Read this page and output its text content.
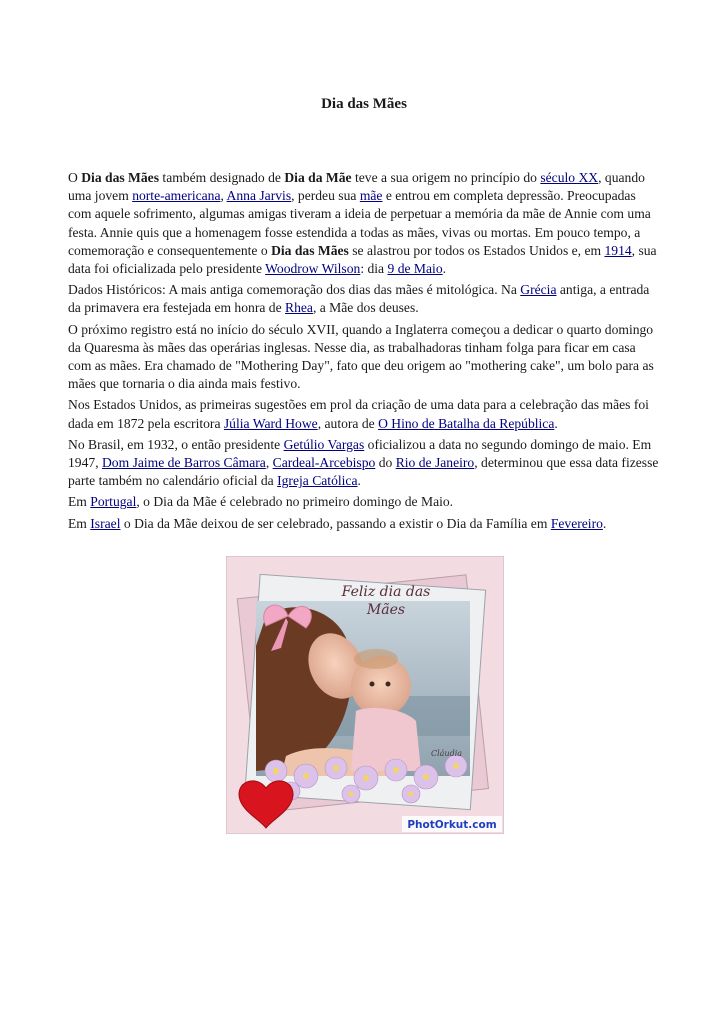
Dia das Mães

O Dia das Mães também designado de Dia da Mãe teve a sua origem no princípio do século XX, quando uma jovem norte-americana, Anna Jarvis, perdeu sua mãe e entrou em completa depressão. Preocupadas com aquele sofrimento, algumas amigas tiveram a ideia de perpetuar a memória da mãe de Annie com uma festa. Annie quis que a homenagem fosse estendida a todas as mães, vivas ou mortas. Em pouco tempo, a comemoração e consequentemente o Dia das Mães se alastrou por todos os Estados Unidos e, em 1914, sua data foi oficializada pelo presidente Woodrow Wilson: dia 9 de Maio.

Dados Históricos: A mais antiga comemoração dos dias das mães é mitológica. Na Grécia antiga, a entrada da primavera era festejada em honra de Rhea, a Mãe dos deuses.

O próximo registro está no início do século XVII, quando a Inglaterra começou a dedicar o quarto domingo da Quaresma às mães das operárias inglesas. Nesse dia, as trabalhadoras tinham folga para ficar em casa com as mães. Era chamado de "Mothering Day", fato que deu origem ao "mothering cake", um bolo para as mães que tornaria o dia ainda mais festivo.

Nos Estados Unidos, as primeiras sugestões em prol da criação de uma data para a celebração das mães foi dada em 1872 pela escritora Júlia Ward Howe, autora de O Hino de Batalha da República.

No Brasil, em 1932, o então presidente Getúlio Vargas oficializou a data no segundo domingo de maio. Em 1947, Dom Jaime de Barros Câmara, Cardeal-Arcebispo do Rio de Janeiro, determinou que essa data fizesse parte também no calendário oficial da Igreja Católica.

Em Portugal, o Dia da Mãe é celebrado no primeiro domingo de Maio.

Em Israel o Dia da Mãe deixou de ser celebrado, passando a existir o Dia da Família em Fevereiro.

Feliz dia das
Mães
Cláudia
PhotOrkut.com
